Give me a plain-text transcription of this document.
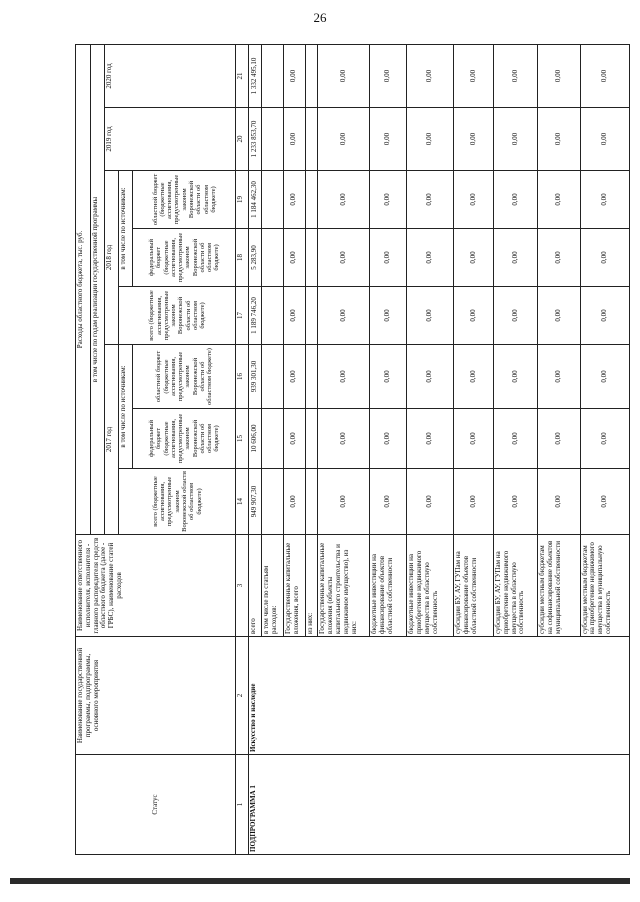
26
Статус	Наименование государственной программы, подпрограммы, основного мероприятия	Наименование ответственного исполнителя, исполнителя - главного распорядителя средств областного бюджета (далее - ГРБС), наименование статей расходов	Расходы областного бюджета, тыс. руб.							
			в том числе по годам реализации государственной программы							
			2017 год			2018 год			2019 год	2020 год
			всего (бюджетные ассигнования, предусмотренные законом Воронежской области об областном бюджете)	в том числе по источникам:		всего (бюджетные ассигнования, предусмотренные законом Воронежской области об областном бюджете)	в том числе по источникам:			
				федеральный бюджет (бюджетные ассигнования, предусмотренные законом Воронежской области об областном бюджете)	областной бюджет (бюджетные ассигнования, предусмотренные законом Воронежской области об областном бюджете)		федеральный бюджет (бюджетные ассигнования, предусмотренные законом Воронежской области об областном бюджете)	областной бюджет (бюджетные ассигнования, предусмотренные законом Воронежской области об областном бюджете)		
1	2	3	14	15	16	17	18	19	20	21
ПОДПРОГРАММА 1	Искусство и наследие	всего	949 907,30	10 606,00	939 301,30	1 189 746,20	5 283,90	1 184 462,30	1 233 853,70	1 332 495,10
		в том числе по статьям расходов:								
		Государственные капитальные вложения, всего	0,00	0,00	0,00	0,00	0,00	0,00	0,00	0,00
		из них:								
		Государственные капитальные вложения (объекты капитального строительства и недвижимое имущество), из них:	0,00	0,00	0,00	0,00	0,00	0,00	0,00	0,00
		бюджетные инвестиции на финансирование объектов областной собственности	0,00	0,00	0,00	0,00	0,00	0,00	0,00	0,00
		бюджетные инвестиции на приобретение недвижимого имущества в областную собственность	0,00	0,00	0,00	0,00	0,00	0,00	0,00	0,00
		субсидии БУ, АУ, ГУПам на финансирование объектов областной собственности	0,00	0,00	0,00	0,00	0,00	0,00	0,00	0,00
		субсидии БУ, АУ, ГУПам на приобретение недвижимого имущества в областную собственность	0,00	0,00	0,00	0,00	0,00	0,00	0,00	0,00
		субсидии местным бюджетам на софинансирование объектов муниципальной собственности	0,00	0,00	0,00	0,00	0,00	0,00	0,00	0,00
		субсидии местным бюджетам на приобретение недвижимого имущества в муниципальную собственность	0,00	0,00	0,00	0,00	0,00	0,00	0,00	0,00
